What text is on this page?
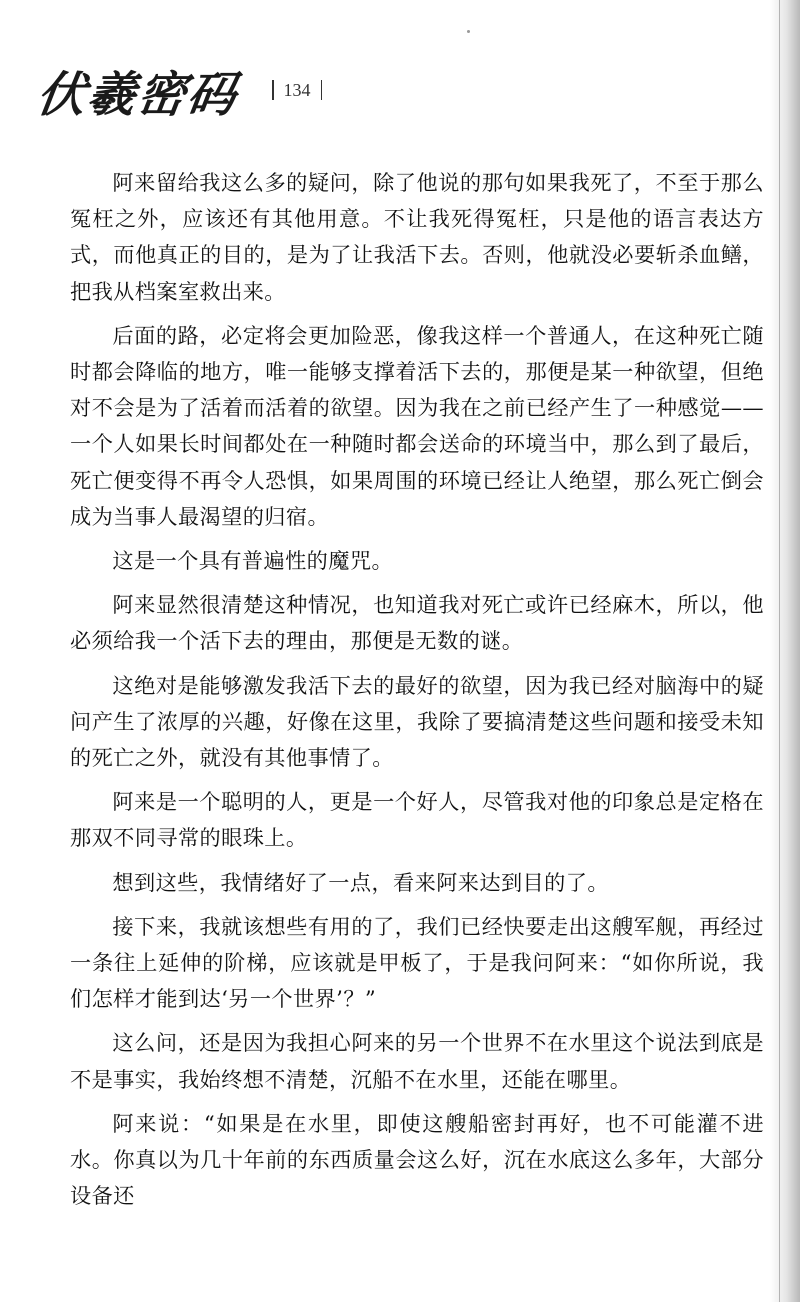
伏羲密码 134

阿来留给我这么多的疑问，除了他说的那句如果我死了，不至于那么冤枉之外，应该还有其他用意。不让我死得冤枉，只是他的语言表达方式，而他真正的目的，是为了让我活下去。否则，他就没必要斩杀血鳝，把我从档案室救出来。

后面的路，必定将会更加险恶，像我这样一个普通人，在这种死亡随时都会降临的地方，唯一能够支撑着活下去的，那便是某一种欲望，但绝对不会是为了活着而活着的欲望。因为我在之前已经产生了一种感觉——一个人如果长时间都处在一种随时都会送命的环境当中，那么到了最后，死亡便变得不再令人恐惧，如果周围的环境已经让人绝望，那么死亡倒会成为当事人最渴望的归宿。

这是一个具有普遍性的魔咒。

阿来显然很清楚这种情况，也知道我对死亡或许已经麻木，所以，他必须给我一个活下去的理由，那便是无数的谜。

这绝对是能够激发我活下去的最好的欲望，因为我已经对脑海中的疑问产生了浓厚的兴趣，好像在这里，我除了要搞清楚这些问题和接受未知的死亡之外，就没有其他事情了。

阿来是一个聪明的人，更是一个好人，尽管我对他的印象总是定格在那双不同寻常的眼珠上。

想到这些，我情绪好了一点，看来阿来达到目的了。

接下来，我就该想些有用的了，我们已经快要走出这艘军舰，再经过一条往上延伸的阶梯，应该就是甲板了，于是我问阿来：“如你所说，我们怎样才能到达‘另一个世界’？”

这么问，还是因为我担心阿来的另一个世界不在水里这个说法到底是不是事实，我始终想不清楚，沉船不在水里，还能在哪里。

阿来说：“如果是在水里，即使这艘船密封再好，也不可能灌不进水。你真以为几十年前的东西质量会这么好，沉在水底这么多年，大部分设备还
